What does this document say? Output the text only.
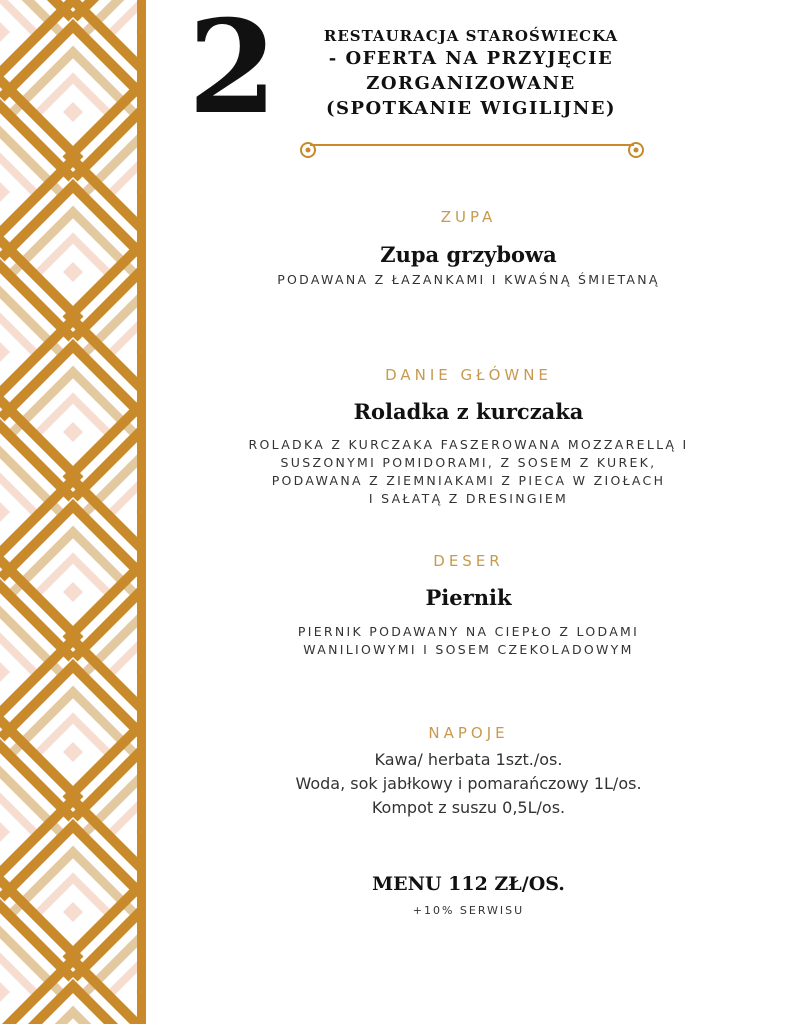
2	RESTAURACJA STAROŚWIECKA
- OFERTA NA PRZYJĘCIE
ZORGANIZOWANE
(SPOTKANIE WIGILIJNE)
ZUPA
Zupa grzybowa
PODAWANA Z ŁAZANKAMI I KWAŚNĄ ŚMIETANĄ
DANIE GŁÓWNE
Roladka z kurczaka
ROLADKA Z KURCZAKA FASZEROWANA MOZZARELLĄ I
SUSZONYMI POMIDORAMI, Z SOSEM Z KUREK,
PODAWANA Z ZIEMNIAKAMI Z PIECA W ZIOŁACH
I SAŁATĄ Z DRESINGIEM
DESER
Piernik
PIERNIK PODAWANY NA CIEPŁO Z LODAMI
WANILIOWYMI I SOSEM CZEKOLADOWYM
NAPOJE
Kawa/ herbata 1szt./os.
Woda, sok jabłkowy i pomarańczowy 1L/os.
Kompot z suszu 0,5L/os.
MENU 112 ZŁ/OS.
+10% SERWISU
